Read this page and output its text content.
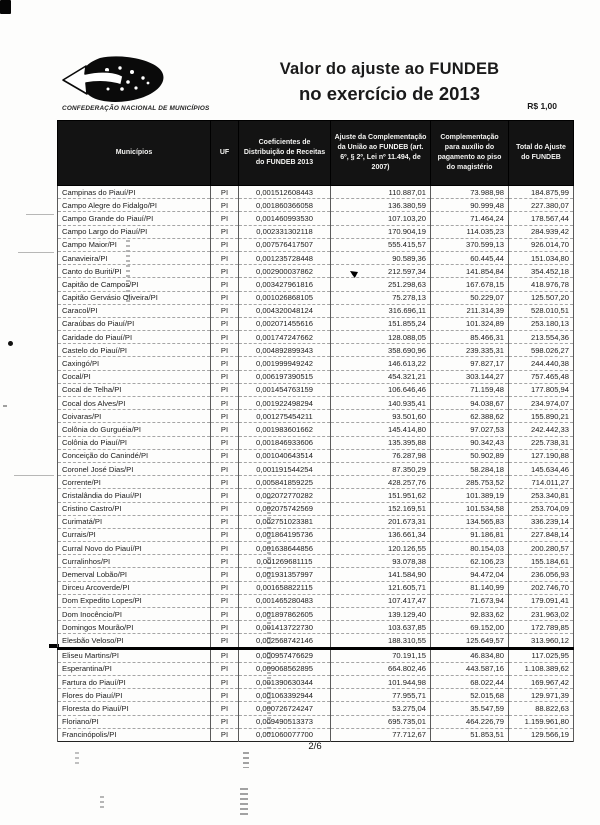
CONFEDERAÇÃO NACIONAL DE MUNICÍPIOS
Valor do ajuste ao FUNDEB
no exercício de 2013
R$ 1,00
Municípios	UF	Coeficientes de Distribuição de Receitas do FUNDEB 2013	Ajuste da Complementação da União ao FUNDEB (art. 6º, § 2º, Lei nº 11.494, de 2007)	Complementação para auxílio do pagamento ao piso do magistério	Total do Ajuste do FUNDEB
Campinas do Piauí/PI	PI	0,001512608443	110.887,01	73.988,98	184.875,99
Campo Alegre do Fidalgo/PI	PI	0,001860366058	136.380,59	90.999,48	227.380,07
Campo Grande do Piauí/PI	PI	0,001460993530	107.103,20	71.464,24	178.567,44
Campo Largo do Piauí/PI	PI	0,002331302118	170.904,19	114.035,23	284.939,42
Campo Maior/PI	PI	0,007576417507	555.415,57	370.599,13	926.014,70
Canavieira/PI	PI	0,001235728448	90.589,36	60.445,44	151.034,80
Canto do Buriti/PI	PI	0,002900037862	212.597,34	141.854,84	354.452,18
Capitão de Campos/PI	PI	0,003427961816	251.298,63	167.678,15	418.976,78
Capitão Gervásio Oliveira/PI	PI	0,001026868105	75.278,13	50.229,07	125.507,20
Caracol/PI	PI	0,004320048124	316.696,11	211.314,39	528.010,51
Caraúbas do Piauí/PI	PI	0,002071455616	151.855,24	101.324,89	253.180,13
Caridade do Piauí/PI	PI	0,001747247662	128.088,05	85.466,31	213.554,36
Castelo do Piauí/PI	PI	0,004892899343	358.690,96	239.335,31	598.026,27
Caxingó/PI	PI	0,001999949242	146.613,22	97.827,17	244.440,38
Cocal/PI	PI	0,006197390515	454.321,21	303.144,27	757.465,48
Cocal de Telha/PI	PI	0,001454763159	106.646,46	71.159,48	177.805,94
Cocal dos Alves/PI	PI	0,001922498294	140.935,41	94.038,67	234.974,07
Coivaras/PI	PI	0,001275454211	93.501,60	62.388,62	155.890,21
Colônia do Gurguéia/PI	PI	0,001983601662	145.414,80	97.027,53	242.442,33
Colônia do Piauí/PI	PI	0,001846933606	135.395,88	90.342,43	225.738,31
Conceição do Canindé/PI	PI	0,001040643514	76.287,98	50.902,89	127.190,88
Coronel José Dias/PI	PI	0,001191544254	87.350,29	58.284,18	145.634,46
Corrente/PI	PI	0,005841859225	428.257,76	285.753,52	714.011,27
Cristalândia do Piauí/PI	PI	0,002072770282	151.951,62	101.389,19	253.340,81
Cristino Castro/PI	PI	0,002075742569	152.169,51	101.534,58	253.704,09
Curimatá/PI	PI	0,002751023381	201.673,31	134.565,83	336.239,14
Currais/PI	PI	0,001864195736	136.661,34	91.186,81	227.848,14
Curral Novo do Piauí/PI	PI	0,001638644856	120.126,55	80.154,03	200.280,57
Curralinhos/PI	PI	0,001269681115	93.078,38	62.106,23	155.184,61
Demerval Lobão/PI	PI	0,001931357997	141.584,90	94.472,04	236.056,93
Dirceu Arcoverde/PI	PI	0,001658822115	121.605,71	81.140,99	202.746,70
Dom Expedito Lopes/PI	PI	0,001465280483	107.417,47	71.673,94	179.091,41
Dom Inocêncio/PI	PI	0,001897862605	139.129,40	92.833,62	231.963,02
Domingos Mourão/PI	PI	0,001413722730	103.637,85	69.152,00	172.789,85
Elesbão Veloso/PI	PI	0,002568742146	188.310,55	125.649,57	313.960,12
Eliseu Martins/PI	PI	0,000957476629	70.191,15	46.834,80	117.025,95
Esperantina/PI	PI	0,009068562895	664.802,46	443.587,16	1.108.389,62
Fartura do Piauí/PI	PI	0,001390630344	101.944,98	68.022,44	169.967,42
Flores do Piauí/PI	PI	0,001063392944	77.955,71	52.015,68	129.971,39
Floresta do Piauí/PI	PI	0,000726724247	53.275,04	35.547,59	88.822,63
Floriano/PI	PI	0,009490513373	695.735,01	464.226,79	1.159.961,80
Francinópolis/PI	PI	0,001060077700	77.712,67	51.853,51	129.566,19
2/6
